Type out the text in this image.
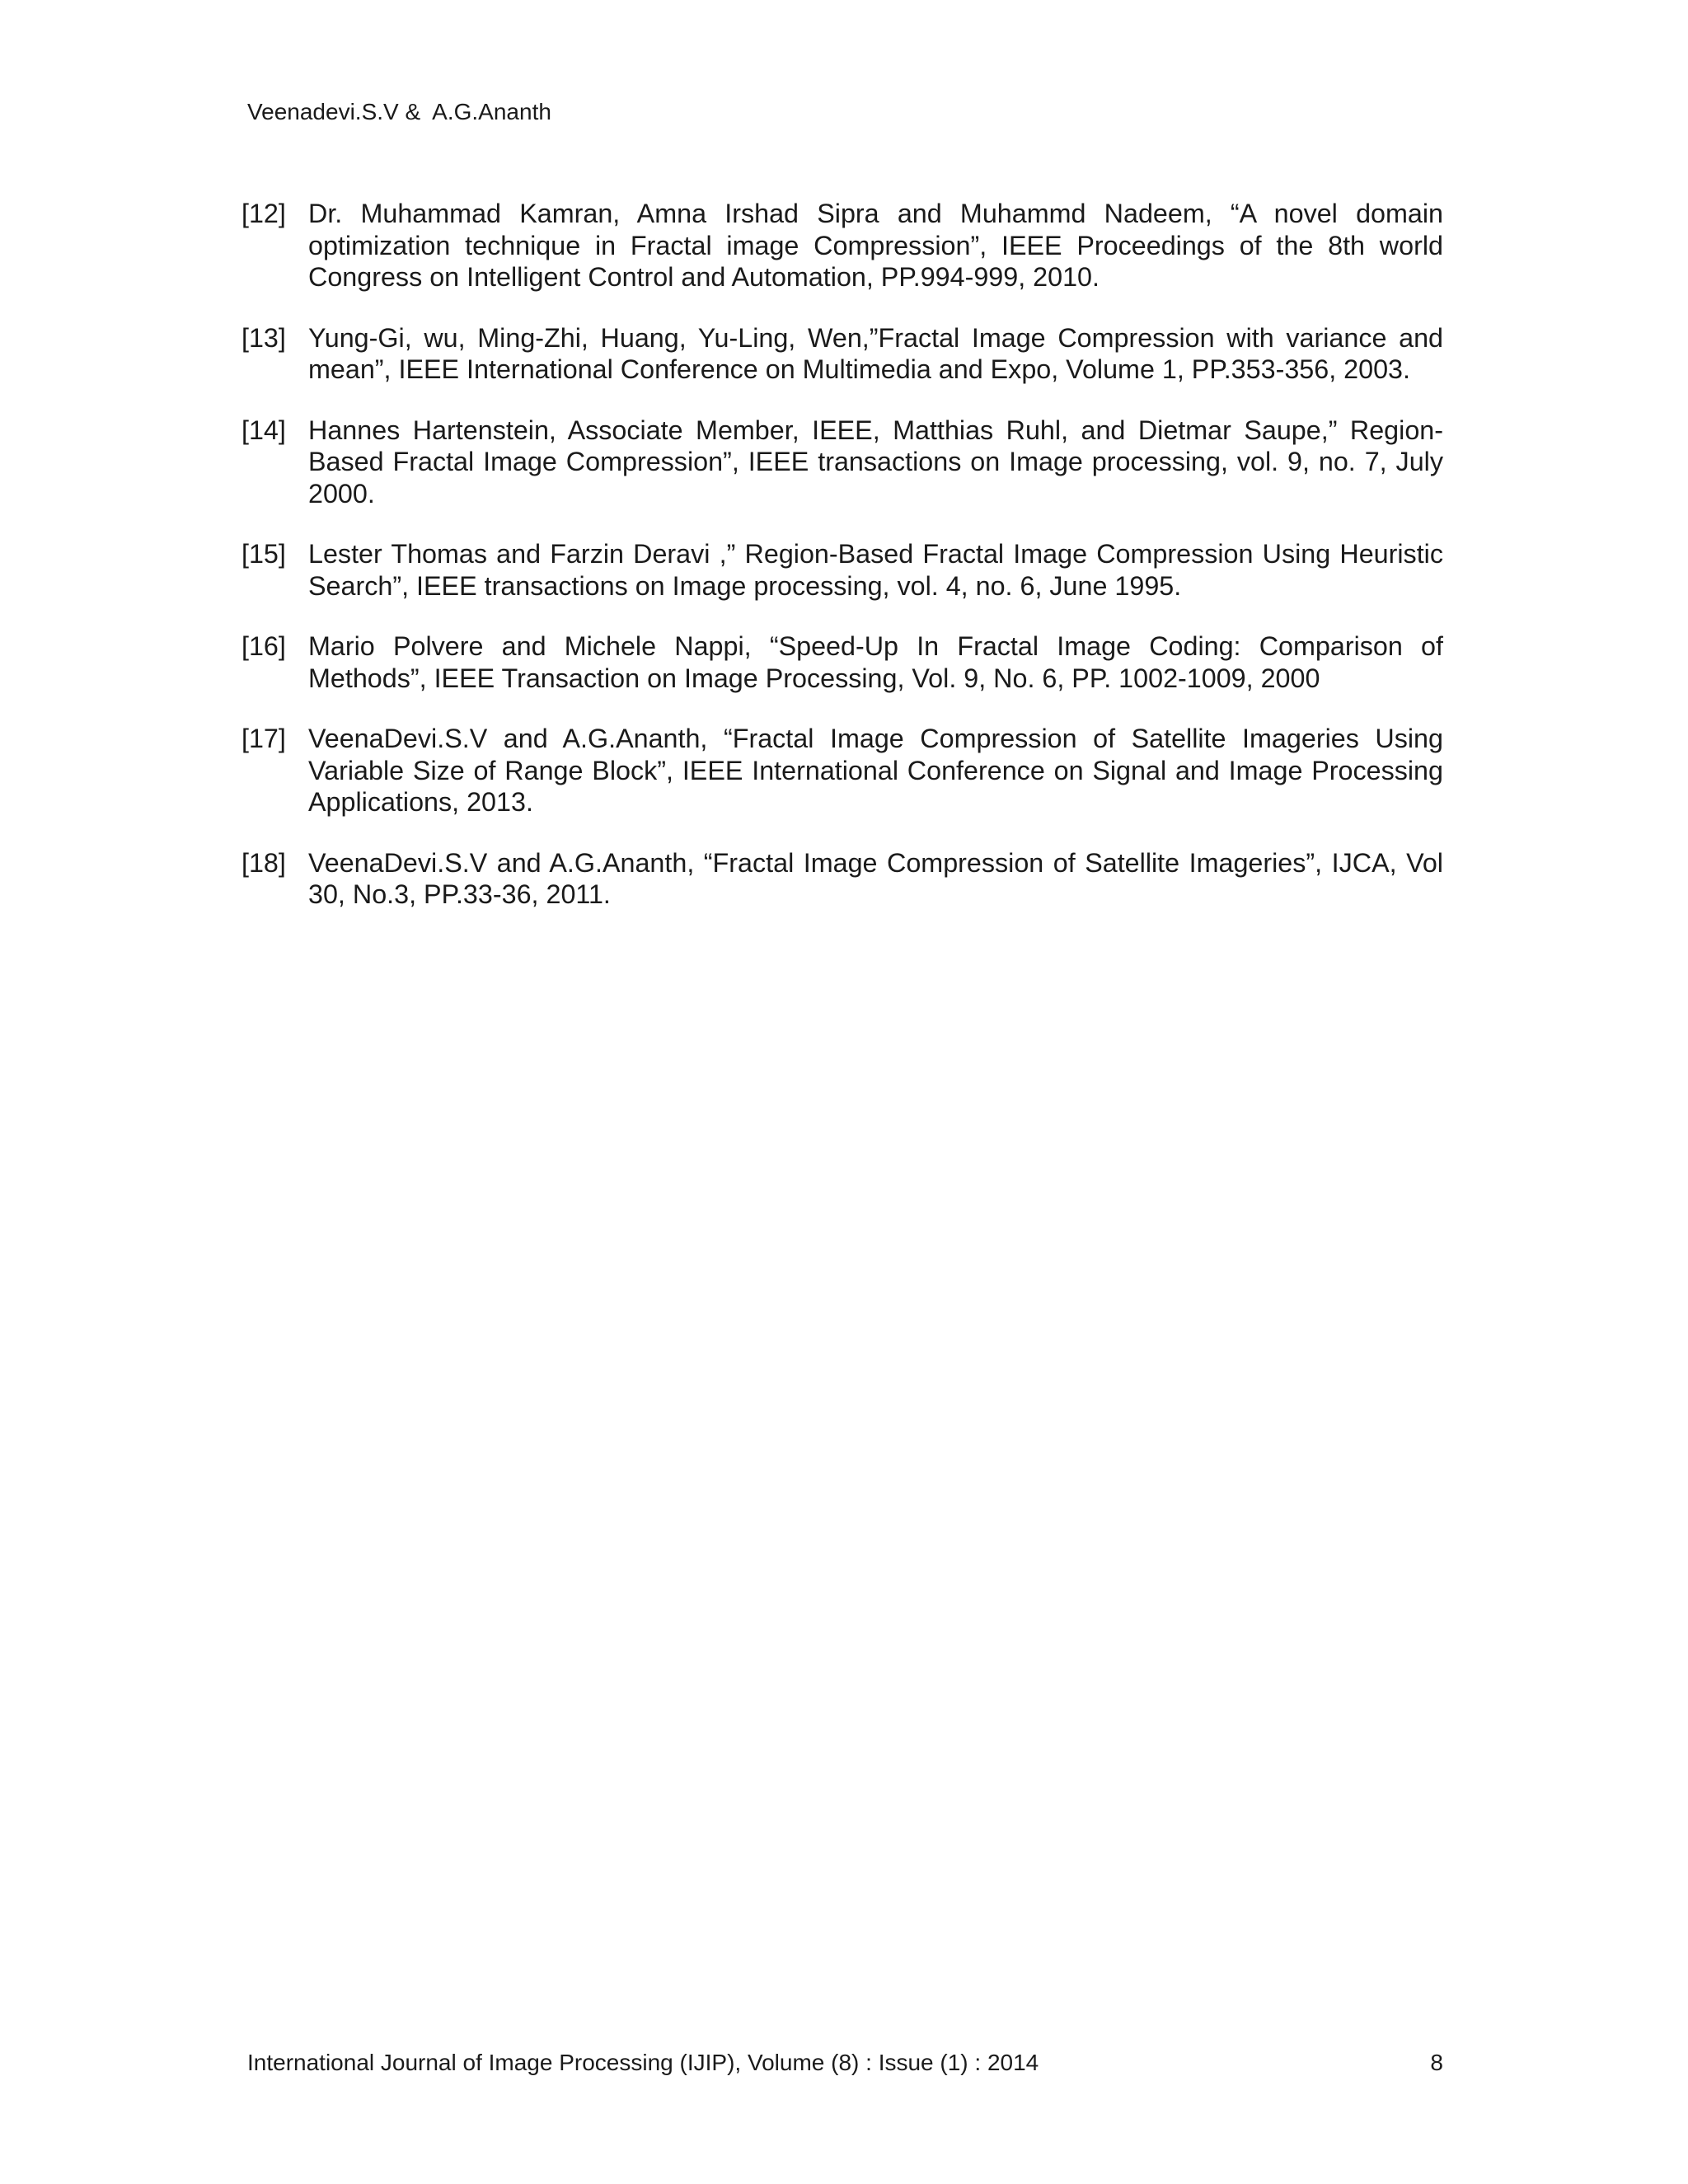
Veenadevi.S.V &  A.G.Ananth
[12] Dr. Muhammad Kamran, Amna Irshad Sipra and Muhammd Nadeem, “A novel domain optimization technique in Fractal image Compression”, IEEE Proceedings of the 8th world Congress on Intelligent Control and Automation, PP.994-999, 2010.
[13] Yung-Gi, wu, Ming-Zhi, Huang, Yu-Ling, Wen,”Fractal Image Compression with variance and mean”, IEEE International Conference on Multimedia and Expo, Volume 1, PP.353-356, 2003.
[14] Hannes Hartenstein, Associate Member, IEEE, Matthias Ruhl, and Dietmar Saupe,” Region-Based Fractal Image Compression”, IEEE transactions on Image processing, vol. 9, no. 7, July 2000.
[15] Lester Thomas and Farzin Deravi ,” Region-Based Fractal Image Compression Using Heuristic Search”, IEEE transactions on Image processing, vol. 4, no. 6, June 1995.
[16] Mario Polvere and Michele Nappi, “Speed-Up In Fractal Image Coding: Comparison of Methods”, IEEE Transaction on Image Processing, Vol. 9, No. 6, PP. 1002-1009, 2000
[17] VeenaDevi.S.V and A.G.Ananth, “Fractal Image Compression of Satellite Imageries Using Variable Size of Range Block”, IEEE International Conference on Signal and Image Processing Applications, 2013.
[18] VeenaDevi.S.V and A.G.Ananth, “Fractal Image Compression of Satellite Imageries”, IJCA, Vol 30, No.3, PP.33-36, 2011.
International Journal of Image Processing (IJIP), Volume (8) : Issue (1) : 2014	8
